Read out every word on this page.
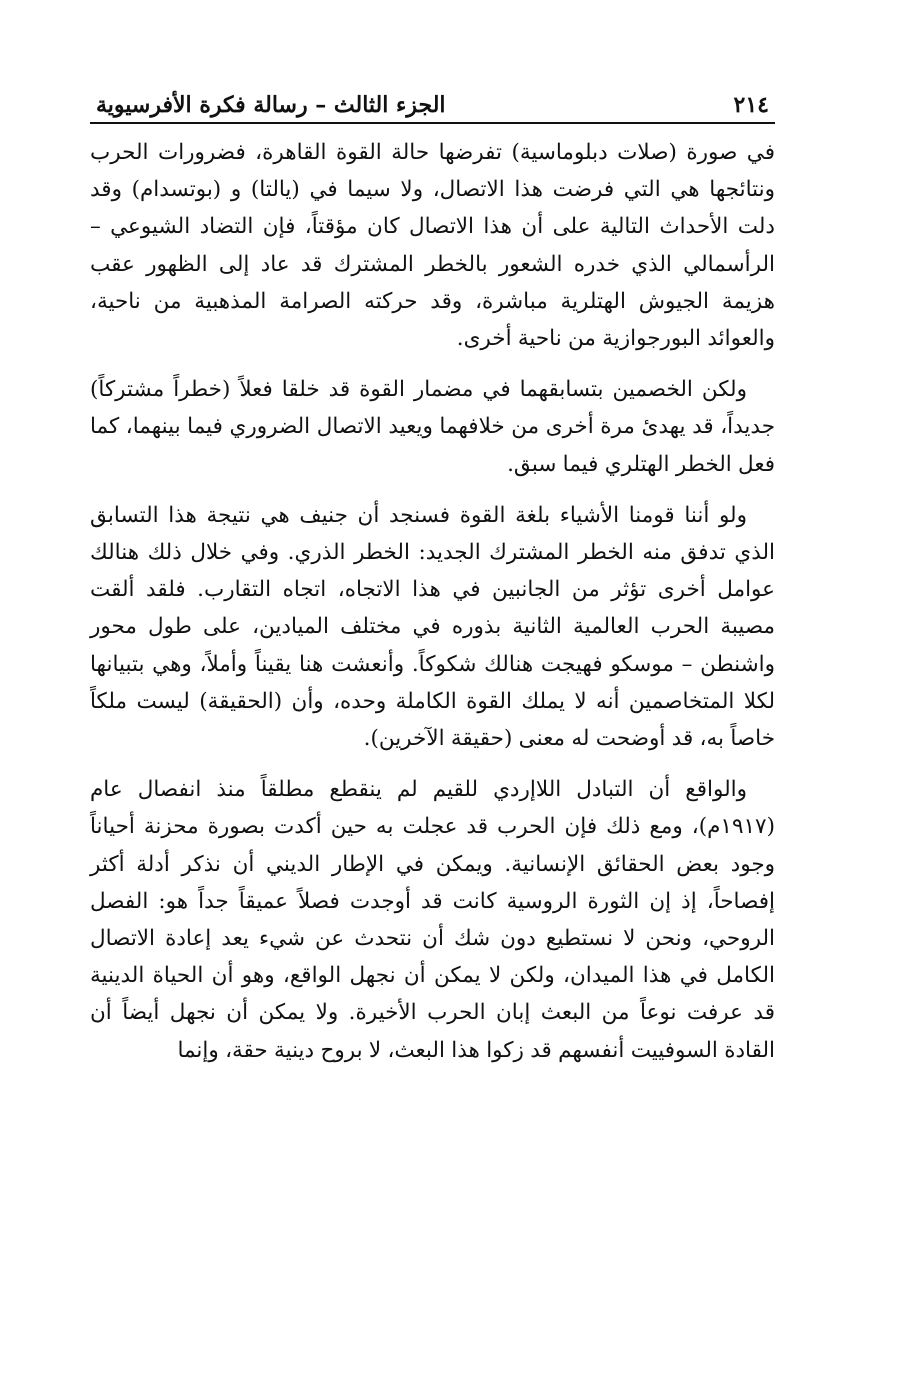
٢١٤
الجزء الثالث – رسالة فكرة الأفرسيوية

في صورة (صلات دبلوماسية) تفرضها حالة القوة القاهرة، فضرورات الحرب ونتائجها هي التي فرضت هذا الاتصال، ولا سيما في (يالتا) و (بوتسدام) وقد دلت الأحداث التالية على أن هذا الاتصال كان مؤقتاً، فإن التضاد الشيوعي – الرأسمالي الذي خدره الشعور بالخطر المشترك قد عاد إلى الظهور عقب هزيمة الجيوش الهتلرية مباشرة، وقد حركته الصرامة المذهبية من ناحية، والعوائد البورجوازية من ناحية أخرى.

ولكن الخصمين بتسابقهما في مضمار القوة قد خلقا فعلاً (خطراً مشتركاً) جديداً، قد يهدئ مرة أخرى من خلافهما ويعيد الاتصال الضروري فيما بينهما، كما فعل الخطر الهتلري فيما سبق.

ولو أننا قومنا الأشياء بلغة القوة فسنجد أن جنيف هي نتيجة هذا التسابق الذي تدفق منه الخطر المشترك الجديد: الخطر الذري. وفي خلال ذلك هنالك عوامل أخرى تؤثر من الجانبين في هذا الاتجاه، اتجاه التقارب. فلقد ألقت مصيبة الحرب العالمية الثانية بذوره في مختلف الميادين، على طول محور واشنطن – موسكو فهيجت هنالك شكوكاً. وأنعشت هنا يقيناً وأملاً، وهي بتبيانها لكلا المتخاصمين أنه لا يملك القوة الكاملة وحده، وأن (الحقيقة) ليست ملكاً خاصاً به، قد أوضحت له معنى (حقيقة الآخرين).

والواقع أن التبادل اللاإردي للقيم لم ينقطع مطلقاً منذ انفصال عام (١٩١٧م)، ومع ذلك فإن الحرب قد عجلت به حين أكدت بصورة محزنة أحياناً وجود بعض الحقائق الإنسانية. ويمكن في الإطار الديني أن نذكر أدلة أكثر إفصاحاً، إذ إن الثورة الروسية كانت قد أوجدت فصلاً عميقاً جداً هو: الفصل الروحي، ونحن لا نستطيع دون شك أن نتحدث عن شيء يعد إعادة الاتصال الكامل في هذا الميدان، ولكن لا يمكن أن نجهل الواقع، وهو أن الحياة الدينية قد عرفت نوعاً من البعث إبان الحرب الأخيرة. ولا يمكن أن نجهل أيضاً أن القادة السوفييت أنفسهم قد زكوا هذا البعث، لا بروح دينية حقة، وإنما
